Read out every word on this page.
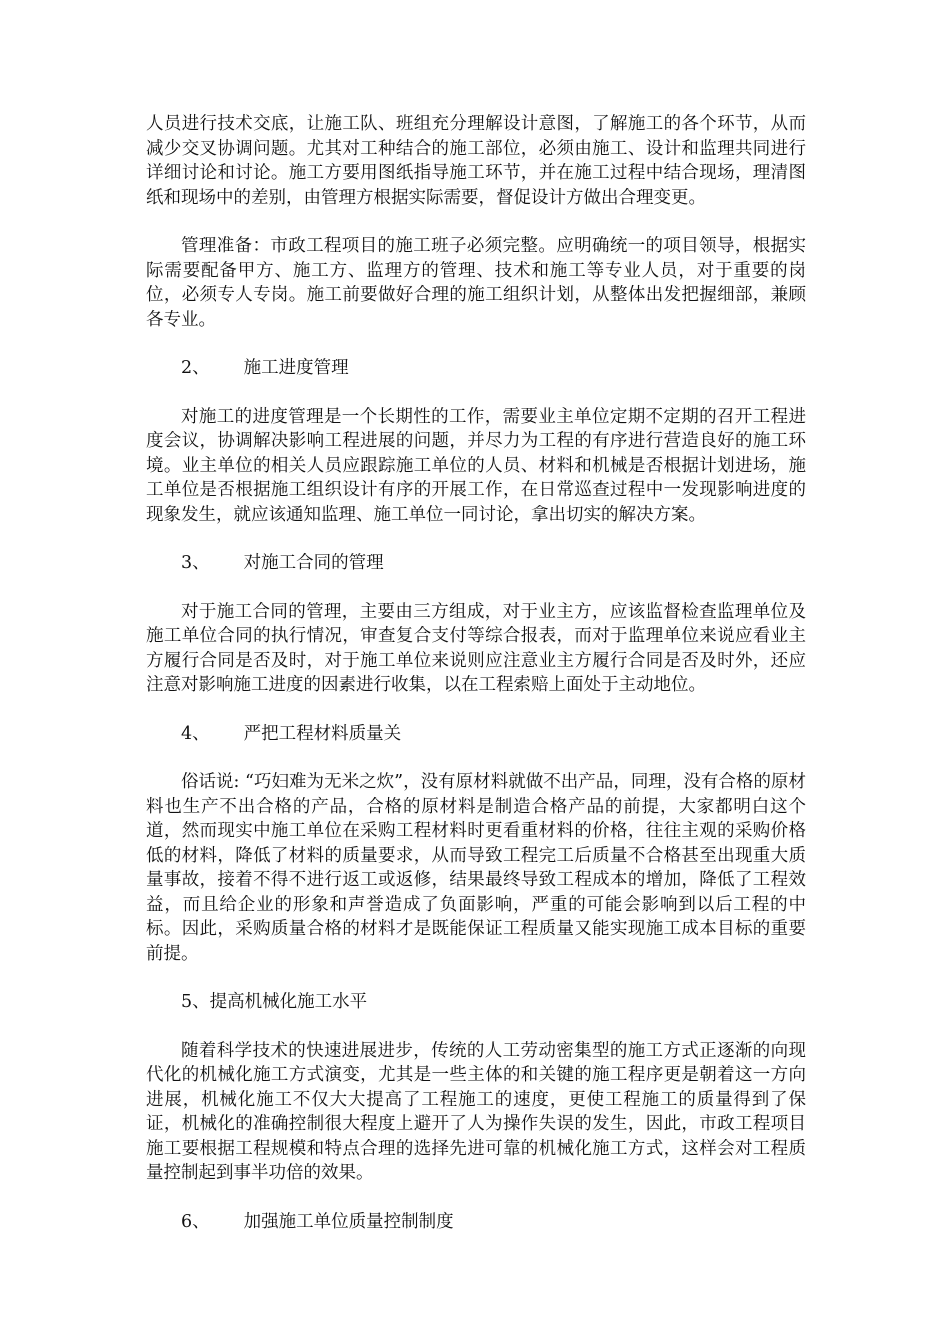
人员进行技术交底，让施工队、班组充分理解设计意图，了解施工的各个环节，从而减少交叉协调问题。尤其对工种结合的施工部位，必须由施工、设计和监理共同进行详细讨论和讨论。施工方要用图纸指导施工环节，并在施工过程中结合现场，理清图纸和现场中的差别，由管理方根据实际需要，督促设计方做出合理变更。

管理准备：市政工程项目的施工班子必须完整。应明确统一的项目领导，根据实际需要配备甲方、施工方、监理方的管理、技术和施工等专业人员，对于重要的岗位，必须专人专岗。施工前要做好合理的施工组织计划，从整体出发把握细部，兼顾各专业。

2、 施工进度管理

对施工的进度管理是一个长期性的工作，需要业主单位定期不定期的召开工程进度会议，协调解决影响工程进展的问题，并尽力为工程的有序进行营造良好的施工环境。业主单位的相关人员应跟踪施工单位的人员、材料和机械是否根据计划进场，施工单位是否根据施工组织设计有序的开展工作，在日常巡查过程中一发现影响进度的现象发生，就应该通知监理、施工单位一同讨论，拿出切实的解决方案。

3、 对施工合同的管理

对于施工合同的管理，主要由三方组成，对于业主方，应该监督检查监理单位及施工单位合同的执行情况，审查复合支付等综合报表，而对于监理单位来说应看业主方履行合同是否及时，对于施工单位来说则应注意业主方履行合同是否及时外，还应注意对影响施工进度的因素进行收集，以在工程索赔上面处于主动地位。

4、 严把工程材料质量关

俗话说: “巧妇难为无米之炊”，没有原材料就做不出产品，同理，没有合格的原材料也生产不出合格的产品，合格的原材料是制造合格产品的前提，大家都明白这个道，然而现实中施工单位在采购工程材料时更看重材料的价格，往往主观的采购价格低的材料，降低了材料的质量要求，从而导致工程完工后质量不合格甚至出现重大质量事故，接着不得不进行返工或返修，结果最终导致工程成本的增加，降低了工程效益，而且给企业的形象和声誉造成了负面影响，严重的可能会影响到以后工程的中标。因此，采购质量合格的材料才是既能保证工程质量又能实现施工成本目标的重要前提。

5、提高机械化施工水平

随着科学技术的快速进展进步，传统的人工劳动密集型的施工方式正逐渐的向现代化的机械化施工方式演变，尤其是一些主体的和关键的施工程序更是朝着这一方向进展，机械化施工不仅大大提高了工程施工的速度，更使工程施工的质量得到了保证，机械化的准确控制很大程度上避开了人为操作失误的发生，因此，市政工程项目施工要根据工程规模和特点合理的选择先进可靠的机械化施工方式，这样会对工程质量控制起到事半功倍的效果。

6、 加强施工单位质量控制制度
